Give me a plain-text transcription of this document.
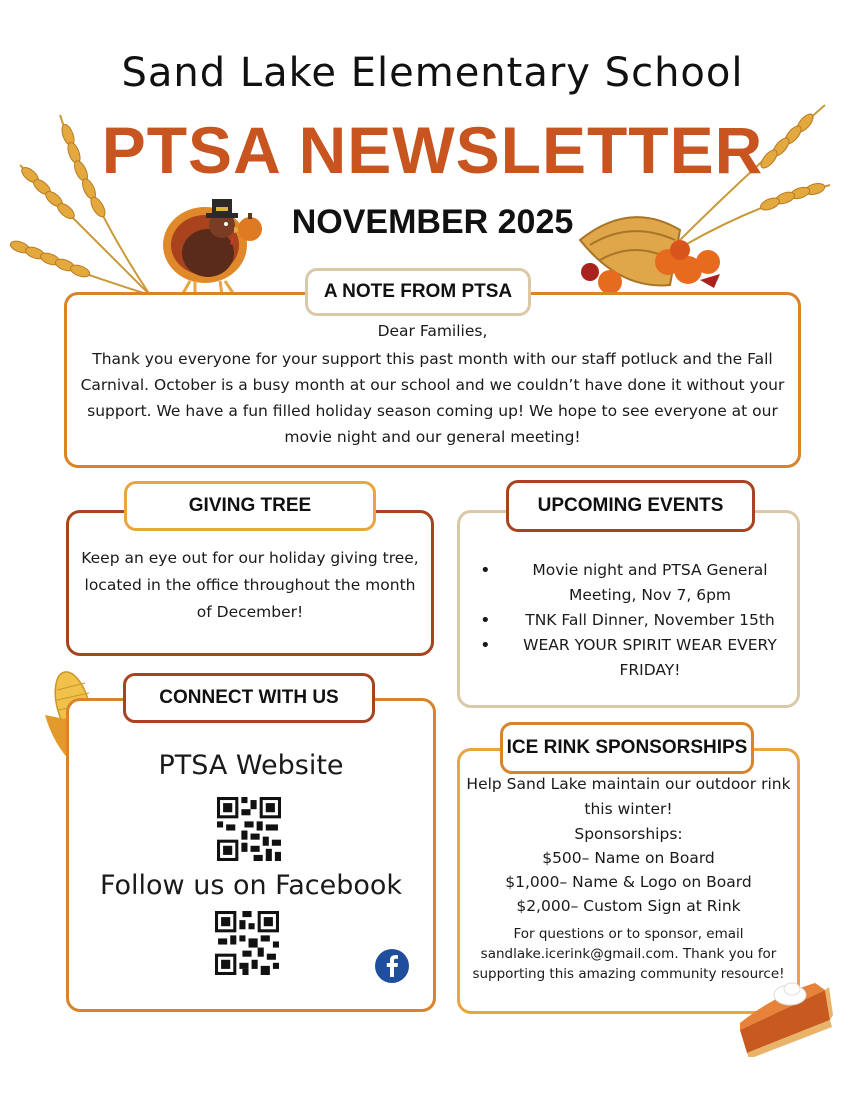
Sand Lake Elementary School
PTSA NEWSLETTER
NOVEMBER 2025
A NOTE FROM PTSA
Dear Families,
Thank you everyone for your support this past month with our staff potluck and the Fall Carnival. October is a busy month at our school and we couldn’t have done it without your support. We have a fun filled holiday season coming up! We hope to see everyone at our movie night and our general meeting!
GIVING TREE
Keep an eye out for our holiday giving tree, located in the office throughout the month of December!
UPCOMING EVENTS
• Movie night and PTSA General Meeting, Nov 7, 6pm
• TNK Fall Dinner, November 15th
• WEAR YOUR SPIRIT WEAR EVERY FRIDAY!
CONNECT WITH US
PTSA Website
Follow us on Facebook
ICE RINK SPONSORSHIPS
Help Sand Lake maintain our outdoor rink this winter!
Sponsorships:
$500– Name on Board
$1,000– Name & Logo on Board
$2,000– Custom Sign at Rink
For questions or to sponsor, email sandlake.icerink@gmail.com. Thank you for supporting this amazing community resource!
